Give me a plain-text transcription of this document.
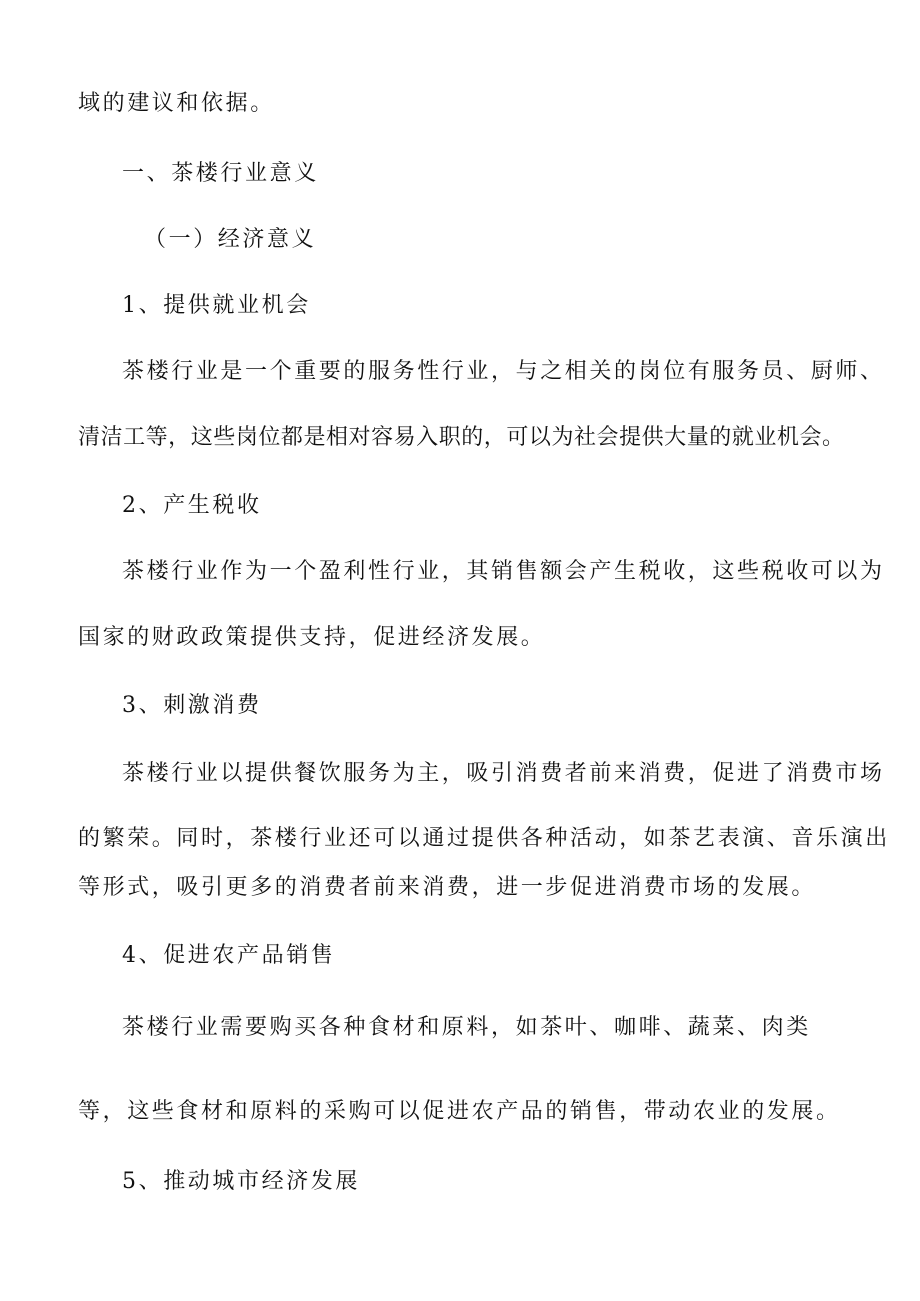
域的建议和依据。
一、茶楼行业意义
（一）经济意义
1、提供就业机会
茶楼行业是一个重要的服务性行业，与之相关的岗位有服务员、厨师、
清洁工等，这些岗位都是相对容易入职的，可以为社会提供大量的就业机会。
2、产生税收
茶楼行业作为一个盈利性行业，其销售额会产生税收，这些税收可以为
国家的财政政策提供支持，促进经济发展。
3、刺激消费
茶楼行业以提供餐饮服务为主，吸引消费者前来消费，促进了消费市场
的繁荣。同时，茶楼行业还可以通过提供各种活动，如茶艺表演、音乐演出
等形式，吸引更多的消费者前来消费，进一步促进消费市场的发展。
4、促进农产品销售
茶楼行业需要购买各种食材和原料，如茶叶、咖啡、蔬菜、肉类
等，这些食材和原料的采购可以促进农产品的销售，带动农业的发展。
5、推动城市经济发展
